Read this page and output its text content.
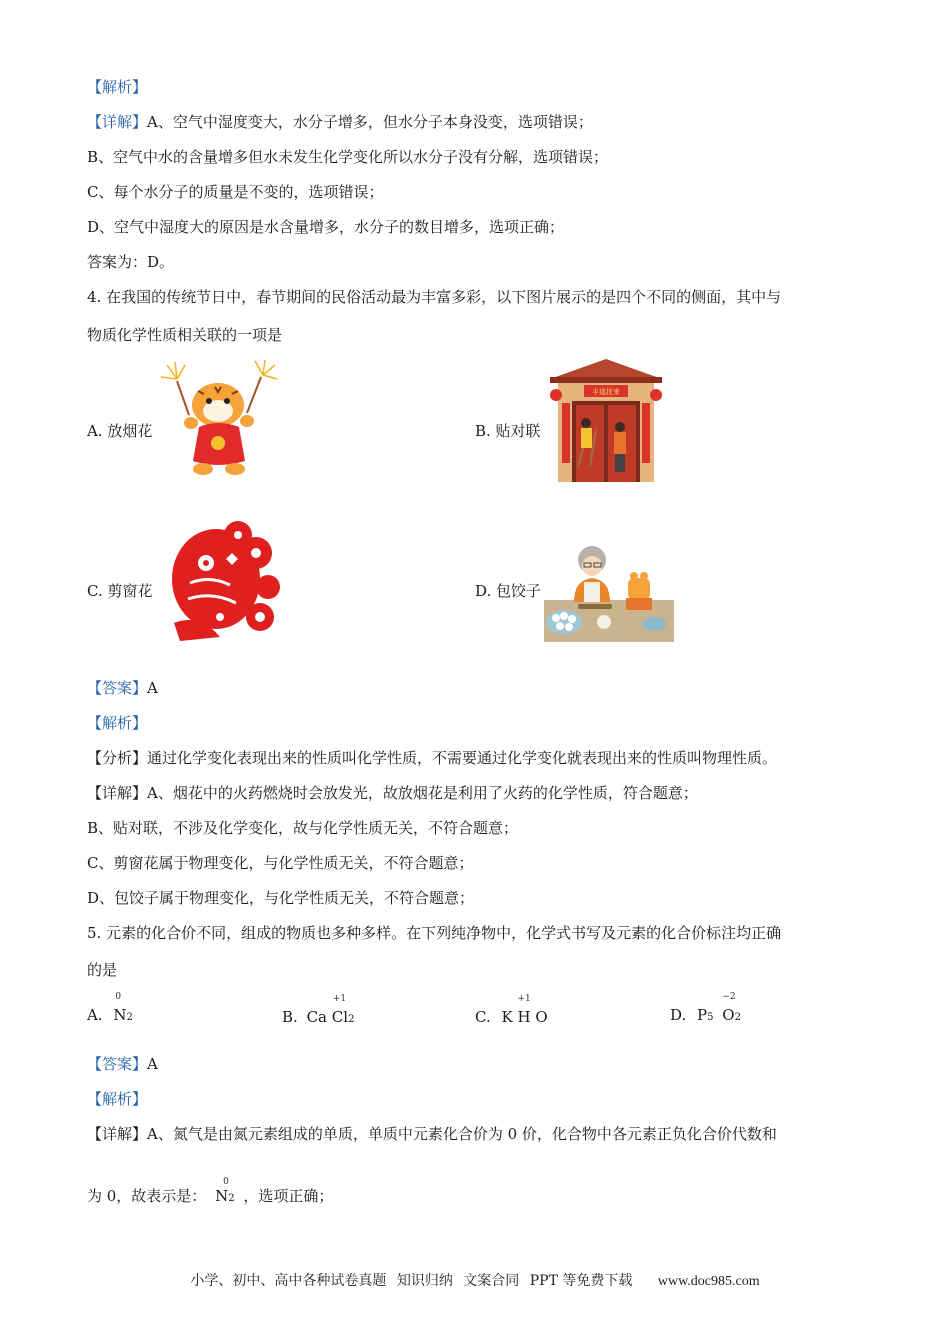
【解析】
【详解】A、空气中湿度变大，水分子增多，但水分子本身没变，选项错误；
B、空气中水的含量增多但水未发生化学变化所以水分子没有分解，选项错误；
C、每个水分子的质量是不变的，选项错误；
D、空气中湿度大的原因是水含量增多，水分子的数目增多，选项正确；
答案为：D。
4. 在我国的传统节日中，春节期间的民俗活动最为丰富多彩，以下图片展示的是四个不同的侧面，其中与
物质化学性质相关联的一项是
A. 放烟花	B. 贴对联
C. 剪窗花	D. 包饺子
丰道抚来
【答案】A
【解析】
【分析】通过化学变化表现出来的性质叫化学性质，不需要通过化学变化就表现出来的性质叫物理性质。
【详解】A、烟花中的火药燃烧时会放发光，故放烟花是利用了火药的化学性质，符合题意；
B、贴对联，不涉及化学变化，故与化学性质无关，不符合题意；
C、剪窗花属于物理变化，与化学性质无关，不符合题意；
D、包饺子属于物理变化，与化学性质无关，不符合题意；
5. 元素的化合价不同，组成的物质也多种多样。在下列纯净物中，化学式书写及元素的化合价标注均正确
的是
A.
0
N2	B. Ca
+1
Cl2	C. K
+1
H O	D. P5
−2
O2
【答案】A
【解析】
【详解】A、氮气是由氮元素组成的单质，单质中元素化合价为 0 价，化合物中各元素正负化合价代数和
为 0，故表示是：
0
N2 ，选项正确；
小学、初中、高中各种试卷真题 知识归纳 文案合同 PPT 等免费下载 www.doc985.com
